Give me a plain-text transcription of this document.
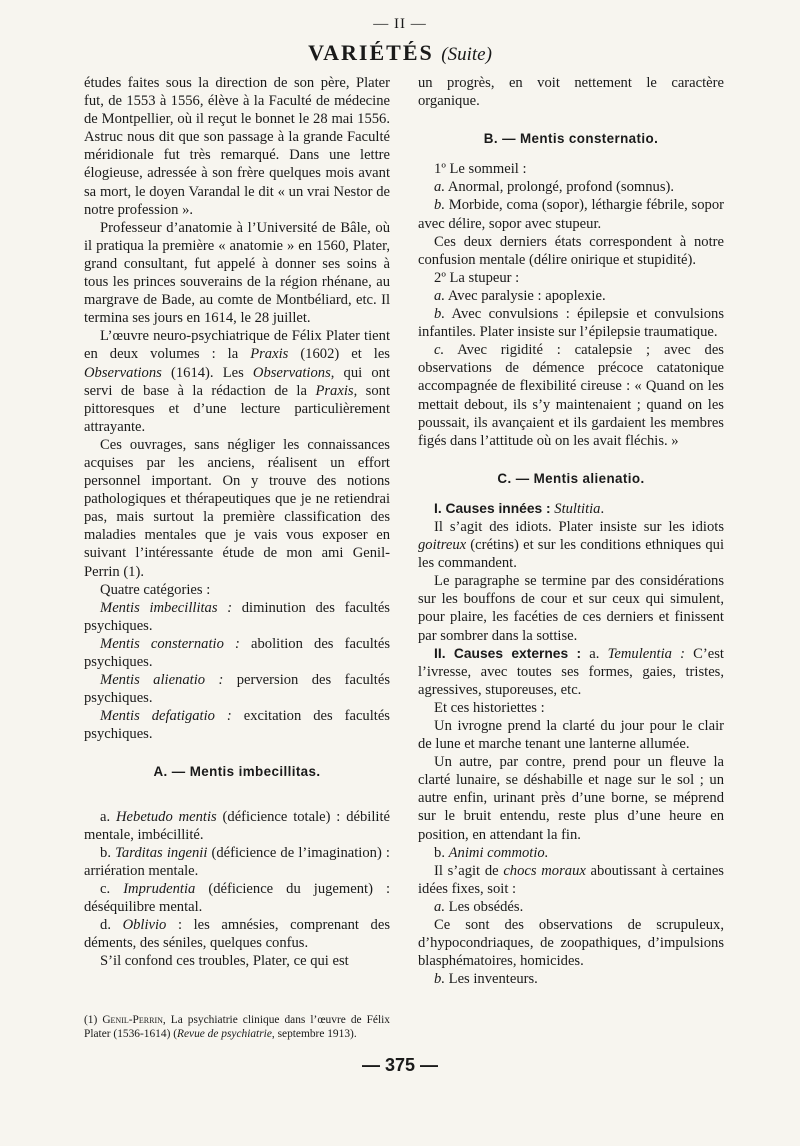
— II —
VARIÉTÉS (Suite)

études faites sous la direction de son père, Plater fut, de 1553 à 1556, élève à la Faculté de médecine de Montpellier, où il reçut le bonnet le 28 mai 1556. Astruc nous dit que son passage à la grande Faculté méridionale fut très remarqué. Dans une lettre élogieuse, adressée à son frère quelques mois avant sa mort, le doyen Varandal le dit « un vrai Nestor de notre profession ».

Professeur d’anatomie à l’Université de Bâle, où il pratiqua la première « anatomie » en 1560, Plater, grand consultant, fut appelé à donner ses soins à tous les princes souverains de la région rhénane, au margrave de Bade, au comte de Montbéliard, etc. Il termina ses jours en 1614, le 28 juillet.

L’œuvre neuro-psychiatrique de Félix Plater tient en deux volumes : la Praxis (1602) et les Observations (1614). Les Observations, qui ont servi de base à la rédaction de la Praxis, sont pittoresques et d’une lecture particulièrement attrayante.

Ces ouvrages, sans négliger les connaissances acquises par les anciens, réalisent un effort personnel important. On y trouve des notions pathologiques et thérapeutiques que je ne retiendrai pas, mais surtout la première classification des maladies mentales que je vais vous exposer en suivant l’intéressante étude de mon ami Genil-Perrin (1).

Quatre catégories :

Mentis imbecillitas : diminution des facultés psychiques.

Mentis consternatio : abolition des facultés psychiques.

Mentis alienatio : perversion des facultés psychiques.

Mentis defatigatio : excitation des facultés psychiques.

A. — Mentis imbecillitas.

a. Hebetudo mentis (déficience totale) : débilité mentale, imbécillité.

b. Tarditas ingenii (déficience de l’imagination) : arriération mentale.

c. Imprudentia (déficience du jugement) : déséquilibre mental.

d. Oblivio : les amnésies, comprenant des déments, des séniles, quelques confus.

S’il confond ces troubles, Plater, ce qui est

(1) Genil-Perrin, La psychiatrie clinique dans l’œuvre de Félix Plater (1536-1614) (Revue de psychiatrie, septembre 1913).

un progrès, en voit nettement le caractère organique.

B. — Mentis consternatio.

1º Le sommeil :

a. Anormal, prolongé, profond (somnus).

b. Morbide, coma (sopor), léthargie fébrile, sopor avec délire, sopor avec stupeur.

Ces deux derniers états correspondent à notre confusion mentale (délire onirique et stupidité).

2º La stupeur :

a. Avec paralysie : apoplexie.

b. Avec convulsions : épilepsie et convulsions infantiles. Plater insiste sur l’épilepsie traumatique.

c. Avec rigidité : catalepsie ; avec des observations de démence précoce catatonique accompagnée de flexibilité cireuse : « Quand on les mettait debout, ils s’y maintenaient ; quand on les poussait, ils avançaient et ils gardaient les membres figés dans l’attitude où on les avait fléchis. »

C. — Mentis alienatio.

I. Causes innées : Stultitia.

Il s’agit des idiots. Plater insiste sur les idiots goitreux (crétins) et sur les conditions ethniques qui les commandent.

Le paragraphe se termine par des considérations sur les bouffons de cour et sur ceux qui simulent, pour plaire, les facéties de ces derniers et finissent par sombrer dans la sottise.

II. Causes externes : a. Temulentia : C’est l’ivresse, avec toutes ses formes, gaies, tristes, agressives, stuporeuses, etc.

Et ces historiettes :

Un ivrogne prend la clarté du jour pour le clair de lune et marche tenant une lanterne allumée.

Un autre, par contre, prend pour un fleuve la clarté lunaire, se déshabille et nage sur le sol ; un autre enfin, urinant près d’une borne, se méprend sur le bruit entendu, reste plus d’une heure en position, en attendant la fin.

b. Animi commotio.

Il s’agit de chocs moraux aboutissant à certaines idées fixes, soit :

a. Les obsédés.

Ce sont des observations de scrupuleux, d’hypocondriaques, de zoopathiques, d’impulsions blasphématoires, homicides.

b. Les inventeurs.

— 375 —
